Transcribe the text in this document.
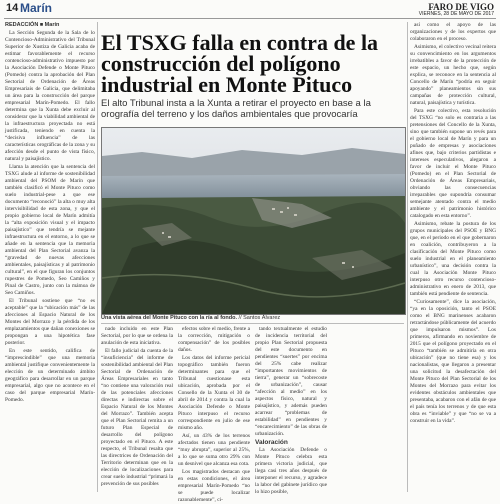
14 Marín	FARO DE VIGO
VIERNES, 28 DE MAYO DE 2017
REDACCIÓN ■ Marín

La Sección Segunda de la Sala de lo Contencioso-Administrativo del Tribunal Superior de Xustiza de Galicia acaba de estimar favorablemente el recurso contencioso-administrativo impuesto por la Asociación Defende o Monte Pituco (Pomedo) contra la aprobación del Plan Sectorial de Ordenación de Áreas Empresariais de Galicia, que delimitaba un área para la construcción del parque empresarial Marín-Pomedo. El fallo determina que la Xunta debe excluir al considerar que la viabilidad ambiental de la infraestructura proyectada no está justificada, teniendo en cuenta la “decisiva influencia” de las características orográficas de la zona y su afección desde el punto de vista físico, natural y paisajístico.

Llama la atención que la sentencia del TSXG alude al informe de sostenibilidad ambiental del PSOM de Marín que también clasificó el Monte Pituco como suelo industrial-pese a que ese documento “reconoció” la alta o muy alta intervisibilidad de esta zona, y que el propio gobierno local de Marín admitía la “alta exposición visual y el impacto paisajístico” que tendría se mejante infraestructura en el entorno, a lo que se añade en la sentencia que la memoria ambiental del Plan Sectorial avanza la “gravedad de nuevas afecciones ambientales, paisajísticas y al patrimonio cultural”, en el que figuran los conjuntos rupestres de Pomedo, Seo Camiños y Pinal de Castro, junto con la mámoa de Seo Camiños.

El Tribunal sostiene que “no es aceptable” que la “ubicación más” de las afecciones al Espacio Natural de los Montes del Morrazo y la pérdida de los emplazamientos que dañan conexiones se propongan a una hipotética fase posterior.

En este sentido, califica de “imprescindible” que una memoria ambiental justifique convenientemente la elección de un determinado ámbito geográfico para desarrollar en un parque empresarial, algo que no acontece en el caso del parque empresarial Marín-Pomedo.

El TSXG falla en contra de la construcción del polígono industrial en Monte Pituco

El alto Tribunal insta a la Xunta a retirar el proyecto en base a la orografía del terreno y los daños ambientales que provocaría

Una vista aérea del Monte Pituco con la ría al fondo. // Santos Álvarez

nado incluido en este Plan Sectorial, por lo que se ordena la anulación de esta iniciativa.

El fallo judicial da cuenta de la “insuficiencia” del informe de sostenibilidad ambiental del Plan Sectorial de Ordenación de Áreas Empresariales en tanto “no contiene una valoración real de las potenciales afecciones directas e indirectas sobre el Espacio Natural de los Montes del Morrazo”. También acepta que el Plan Sectorial remita a un futuro Plan Especial de desarrollo del polígono proyectado en el Pituco. A este respecto, el Tribunal resalta que las directrices de Ordenación del Territorio determinan que en la elección de localizaciones para crear suelo industrial “primará la prevención de sus posibles

efectos sobre el medio, frente a la corrección, mitigación o compensación” de los posibles daños.

Los datos del informe pericial topográfico también fueron determinantes para que el Tribunal cuestionase esta ubicación, aprobada por el Consello de la Xunta el 30 de abril de 2014 y contra la cual la Asociación Defende o Monte Pituco interpuso el recurso correspondiente en julio de ese mismo año.

Así, un 43% de los terrenos afectados tienen una pendiente “muy abrupta”, superior al 25%, a lo que se suma otro 29% con un desnivel que alcanza esa cota.

Los magistrados destacan que en estas condiciones, el área empresarial Marín-Pomedo “no se puede localizar razonablemente”, ci-

tando textualmente el estudio de incidencia territorial del propio Plan Sectorial propuesta del este documento en pendientes “suertes” por encima del 25% cabe realizar “importantes movimientos de tierra”, generar un “sobrecoste de urbanización”, causar “afección al medio” en los aspectos físico, natural y paisajístico, y además pueden acarrear “problemas de estabilidad” en pendientes y “encarecimiento” de las obras de urbanización.

Valoración

La Asociación Defende o Monte Pituco celebra esta primera victoria judicial, que llega casi tres años después de interponer el recurso, y agradece la labor del gabinete jurídico que lo hizo posible,

así como el apoyo de las organizaciones y de los expertos que colaboraron en el proceso.

Asimismo, el colectivo vecinal reitera su convencimiento en los argumentos irrebatibles a favor de la protección de este espacio, un hecho que, según explica, se reconoce en la sentencia al Concello de Marín “podría en seguir apoyando” planeamientos sin sus campañas de protección cultural, natural, paisajística y turística.

Para este colectivo, esta resolución del TSXG “no solo es contraria a las pretensiones del Concello de la Xunta, sino que también supone un revés para el gobierno local de Marín y para un puñado de empresas y asociaciones afines que, bajo criterios partidistas e intereses especulativos, alegaron a favor de incluir el Monte Pituco (Pomedo) en el Plan Sectorial de Ordenación de Áreas Empresariais, obviando las consecuencias irreparables que supondría consumar semejante atentado contra el medio ambiente y el patrimonio histórico catalogado en esta entorno”.

Asimismo, rebate la postura de los grupos municipales del PSOE y BNG que, en el periodo en el que gobernaron en coalición, contribuyeron a la clasificación del Monte Pituco como suelo industrial en el planeamiento urbanístico”, una decisión contra la cual la Asociación Monte Pituco interpuso otro recurso contencioso-administrativo en enero de 2013, que también está pendiente de sentencia.

“Curiosamente”, dice la asociación, “ya en la oposición, tanto el PSOE como el BNG marinenses acabaron retractándose públicamente del acuerdo que impulsaron mismos”. Los primeros, afirmando en noviembre de 2015 que el polígono proyectado en el Pituco “también se admitiría en otra ubicación” (que no tiene esa) y los nacionalistas, que llegaron a presentar una solicitud la desafectación del Monte Pituco del Plan Sectorial de los Montes del Morrazo para evitar los evidentes obstáculos ambientales que presentaba, acabaron con el afán de que el país tenía los terrenos y de que esta obra es “inviable” y que “no se va a construir en la vida”.
